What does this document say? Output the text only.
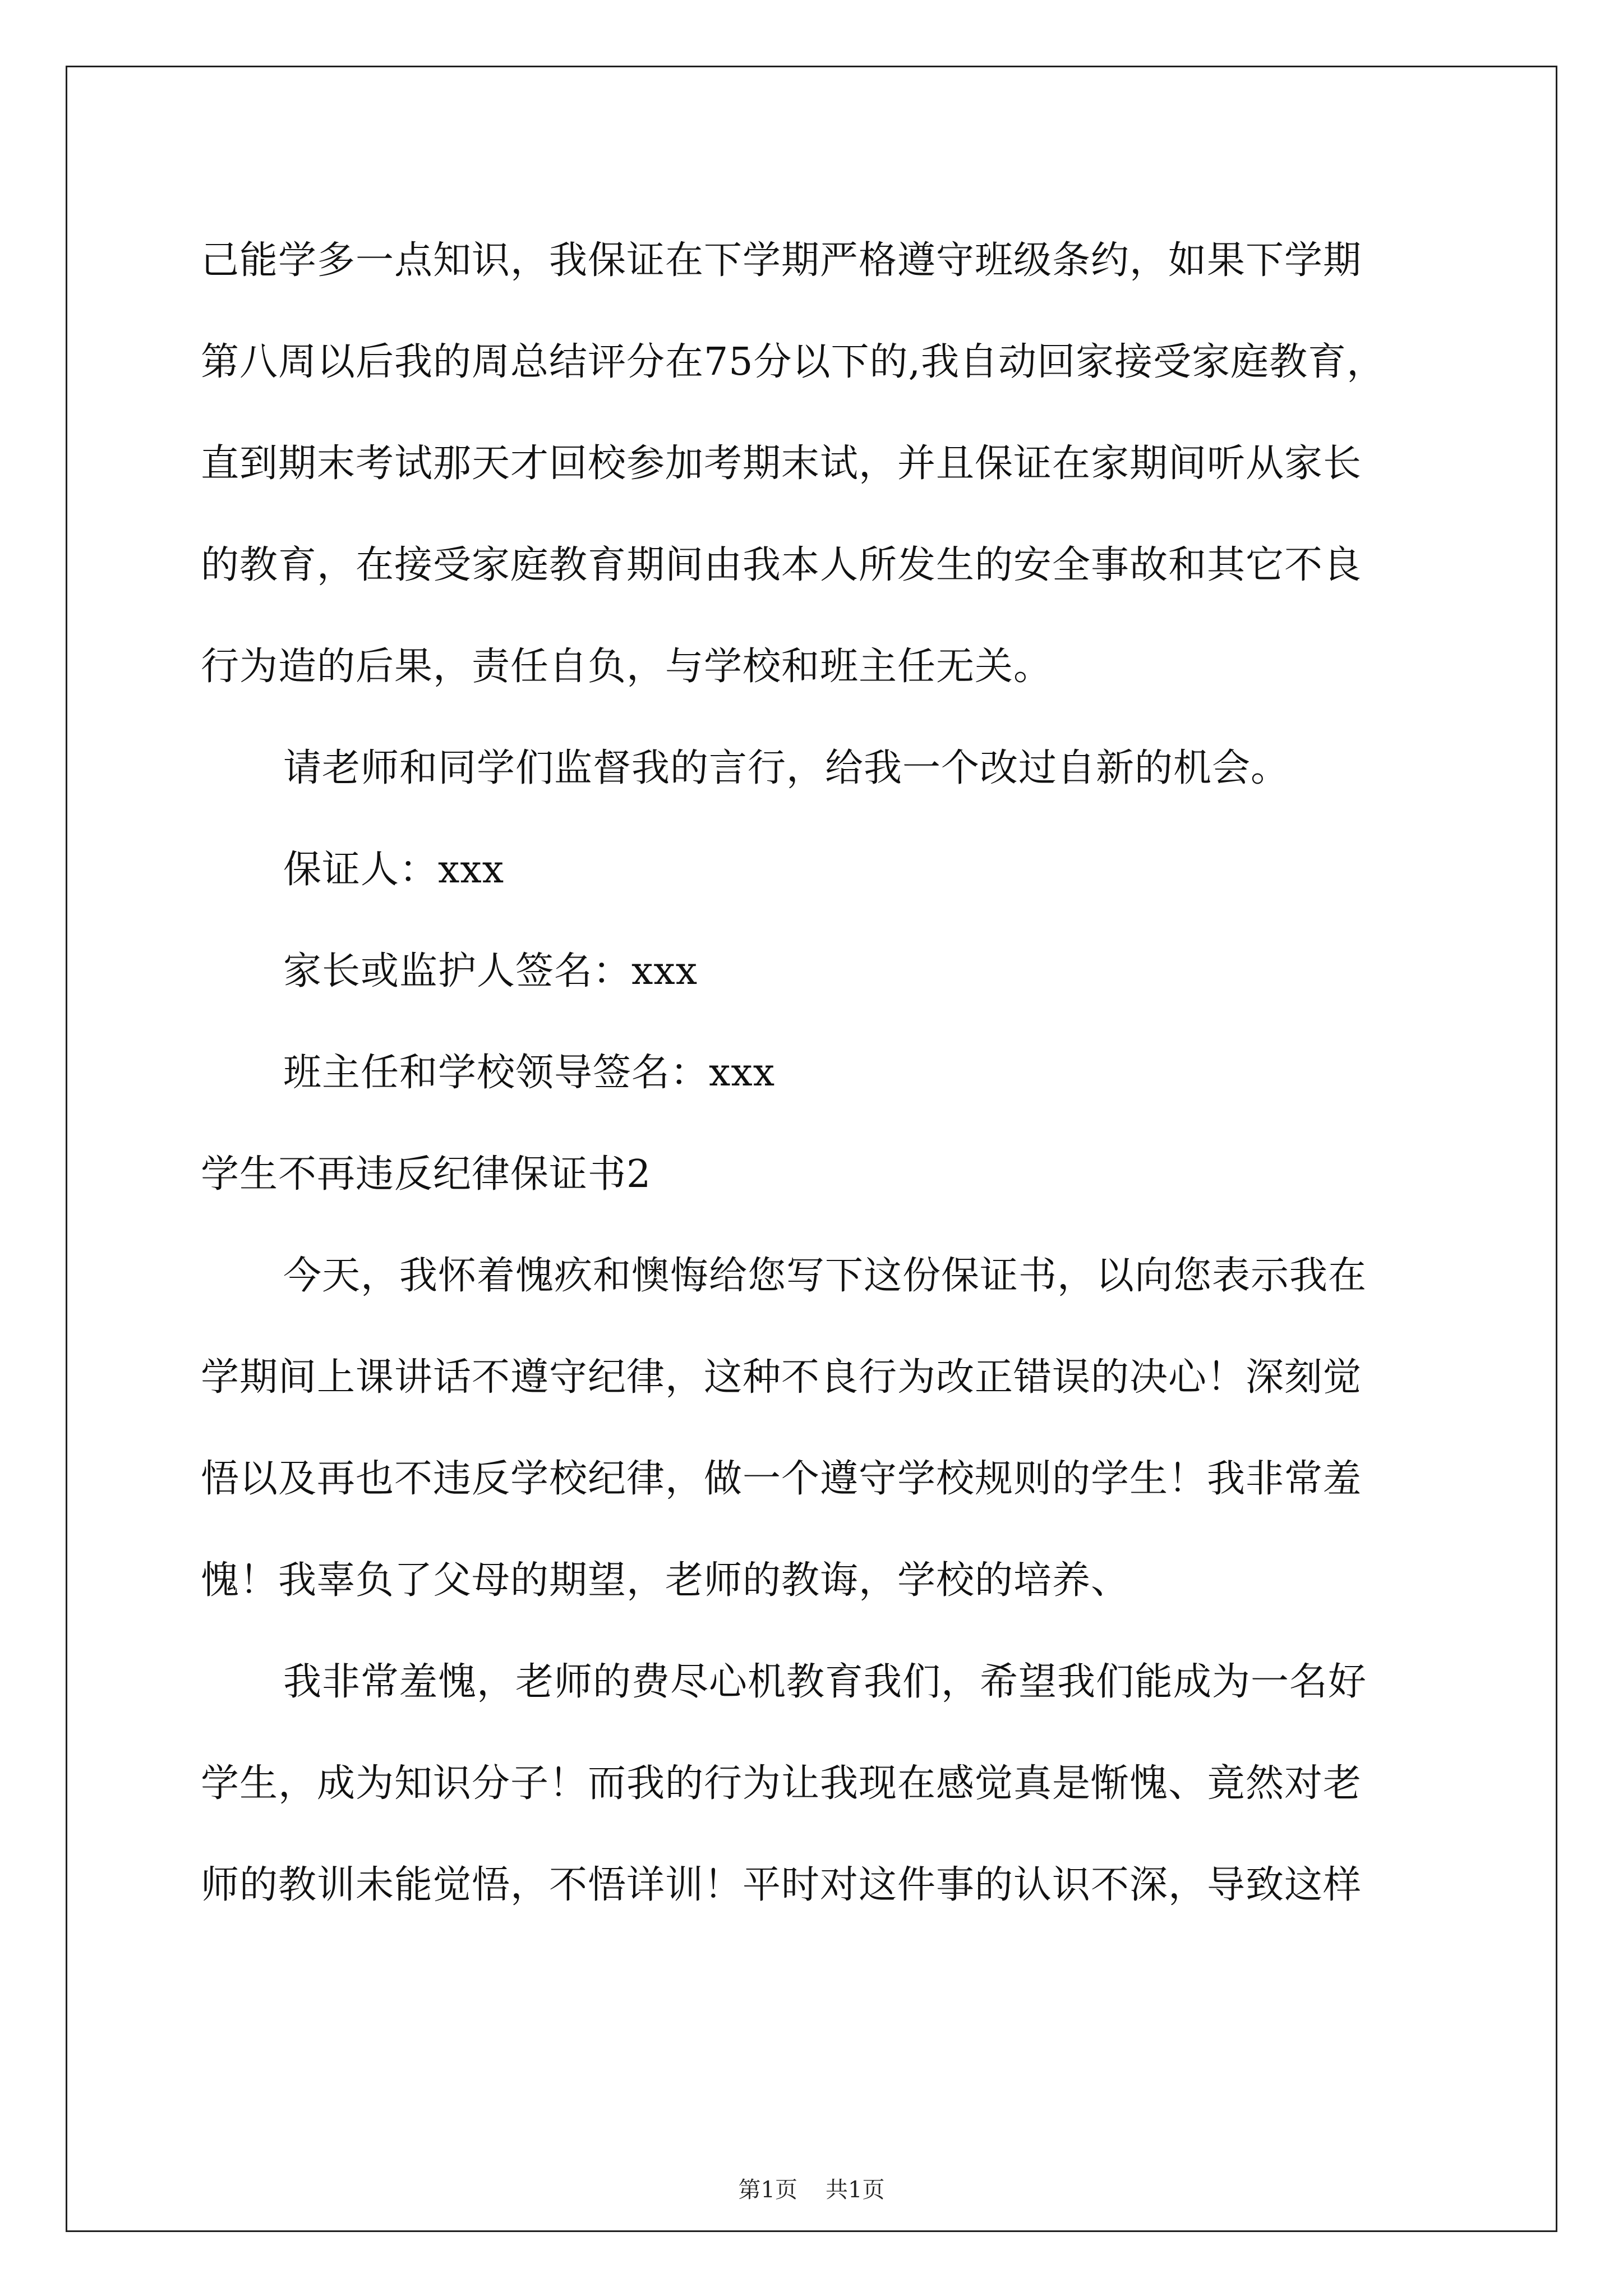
己能学多一点知识，我保证在下学期严格遵守班级条约，如果下学期
第八周以后我的周总结评分在75分以下的,我自动回家接受家庭教育，
直到期末考试那天才回校参加考期末试，并且保证在家期间听从家长
的教育，在接受家庭教育期间由我本人所发生的安全事故和其它不良
行为造的后果，责任自负，与学校和班主任无关。
请老师和同学们监督我的言行，给我一个改过自新的机会。
保证人：xxx
家长或监护人签名：xxx
班主任和学校领导签名：xxx
学生不再违反纪律保证书2
今天，我怀着愧疚和懊悔给您写下这份保证书，以向您表示我在
学期间上课讲话不遵守纪律，这种不良行为改正错误的决心！深刻觉
悟以及再也不违反学校纪律，做一个遵守学校规则的学生！我非常羞
愧！我辜负了父母的期望，老师的教诲，学校的培养、
我非常羞愧，老师的费尽心机教育我们，希望我们能成为一名好
学生，成为知识分子！而我的行为让我现在感觉真是惭愧、竟然对老
师的教训未能觉悟，不悟详训！平时对这件事的认识不深，导致这样
第1页 共1页
